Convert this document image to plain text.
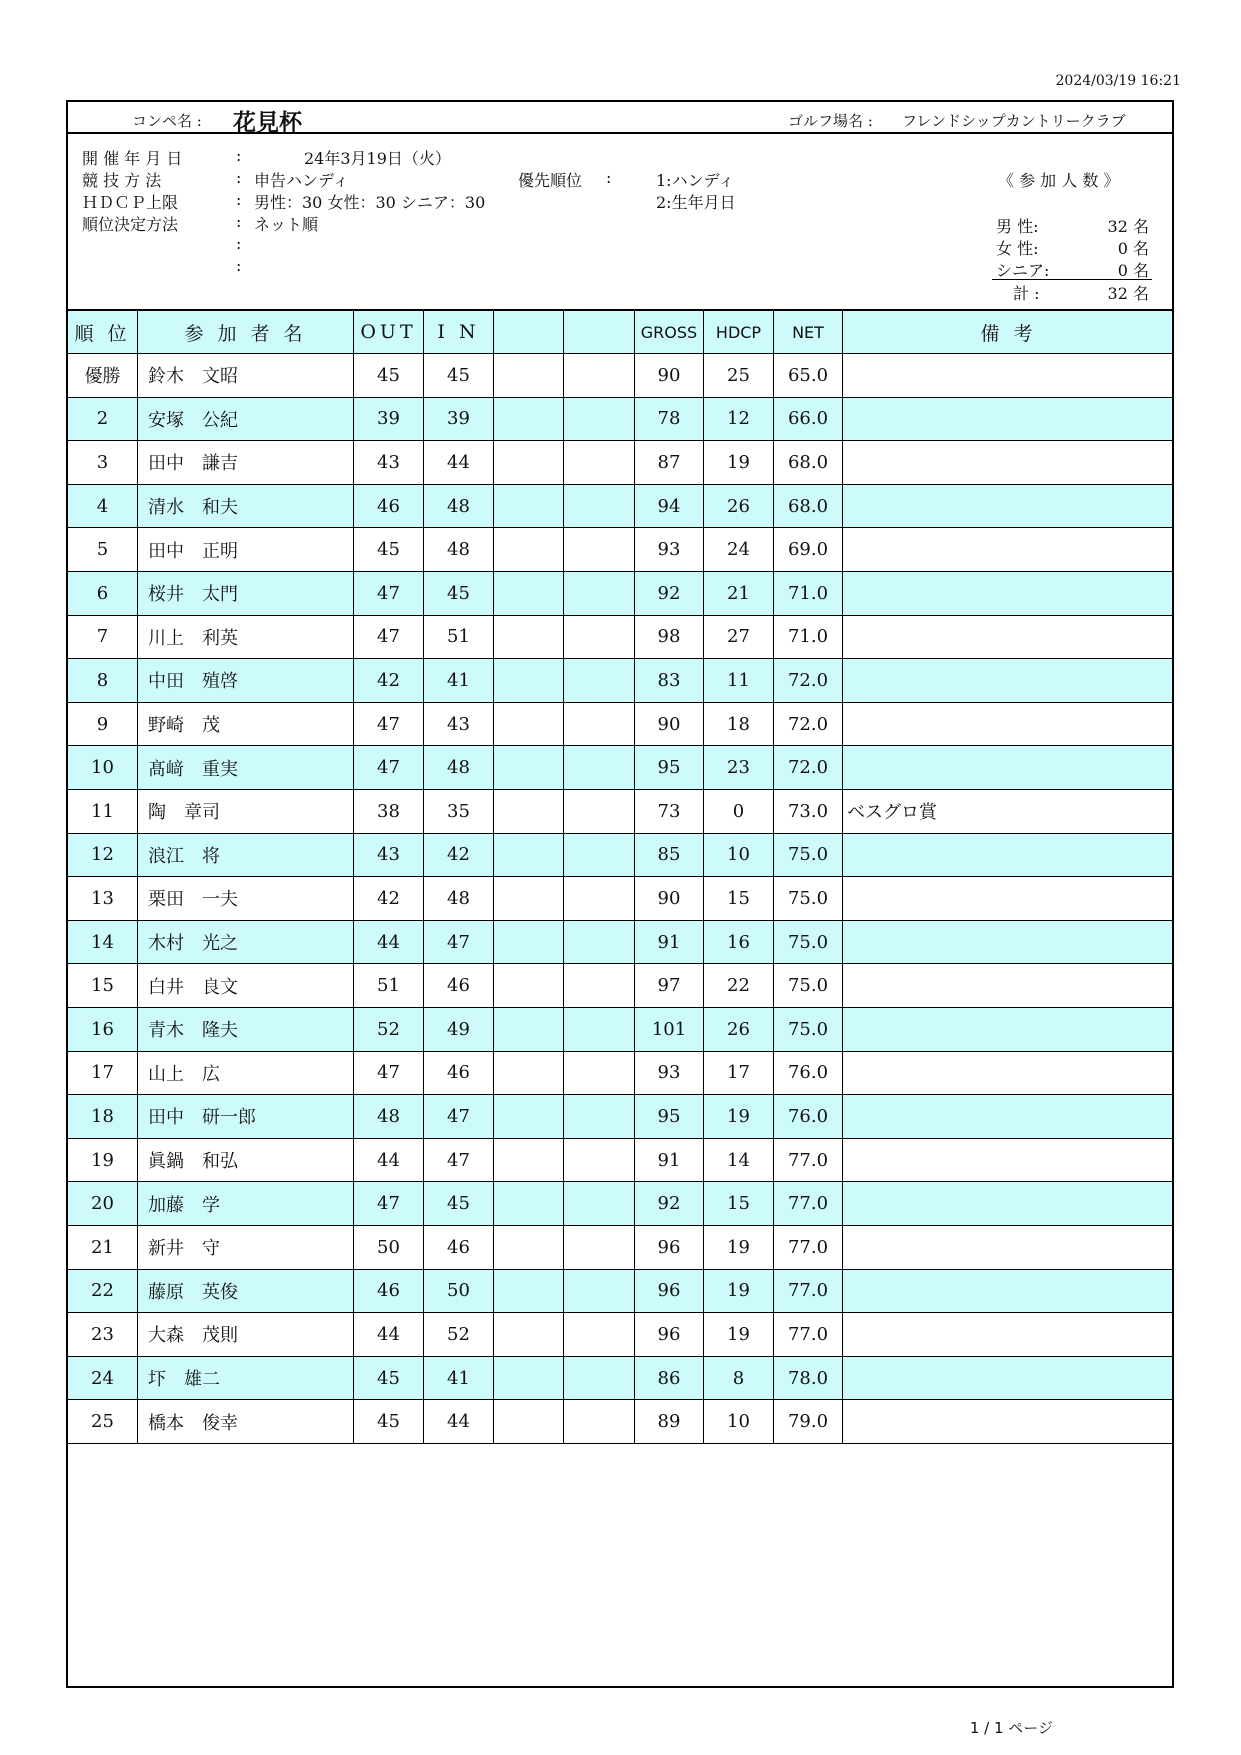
2024/03/19 16:21
コンペ名 : 花見杯	ゴルフ場名 : フレンドシップカントリークラブ
開 催 年 月 日	:	24年3月19日（火）
競 技 方 法	: 申告ハンディ
ＨＤＣＰ上限	: 男性：30 女性：30 シニア：30
順位決定方法	: ネット順
:
:
優先順位 :	1:ハンディ
2:生年月日
《 参 加 人 数 》
男 性:	32 名
女 性:	0 名
シニア:	0 名
計 :	32 名
順 位	参 加 者 名	OUT	I N	GROSS	HDCP	NET	備 考
優勝	鈴木　文昭	45	45	90	25	65.0
2	安塚　公紀	39	39	78	12	66.0
3	田中　謙吉	43	44	87	19	68.0
4	清水　和夫	46	48	94	26	68.0
5	田中　正明	45	48	93	24	69.0
6	桜井　太門	47	45	92	21	71.0
7	川上　利英	47	51	98	27	71.0
8	中田　殖啓	42	41	83	11	72.0
9	野崎　茂	47	43	90	18	72.0
10	髙﨑　重実	47	48	95	23	72.0
11	陶　章司	38	35	73	0	73.0	ベスグロ賞
12	浪江　将	43	42	85	10	75.0
13	栗田　一夫	42	48	90	15	75.0
14	木村　光之	44	47	91	16	75.0
15	白井　良文	51	46	97	22	75.0
16	青木　隆夫	52	49	101	26	75.0
17	山上　広	47	46	93	17	76.0
18	田中　研一郎	48	47	95	19	76.0
19	眞鍋　和弘	44	47	91	14	77.0
20	加藤　学	47	45	92	15	77.0
21	新井　守	50	46	96	19	77.0
22	藤原　英俊	46	50	96	19	77.0
23	大森　茂則	44	52	96	19	77.0
24	圷　雄二	45	41	86	8	78.0
25	橋本　俊幸	45	44	89	10	79.0
1 / 1 ページ
